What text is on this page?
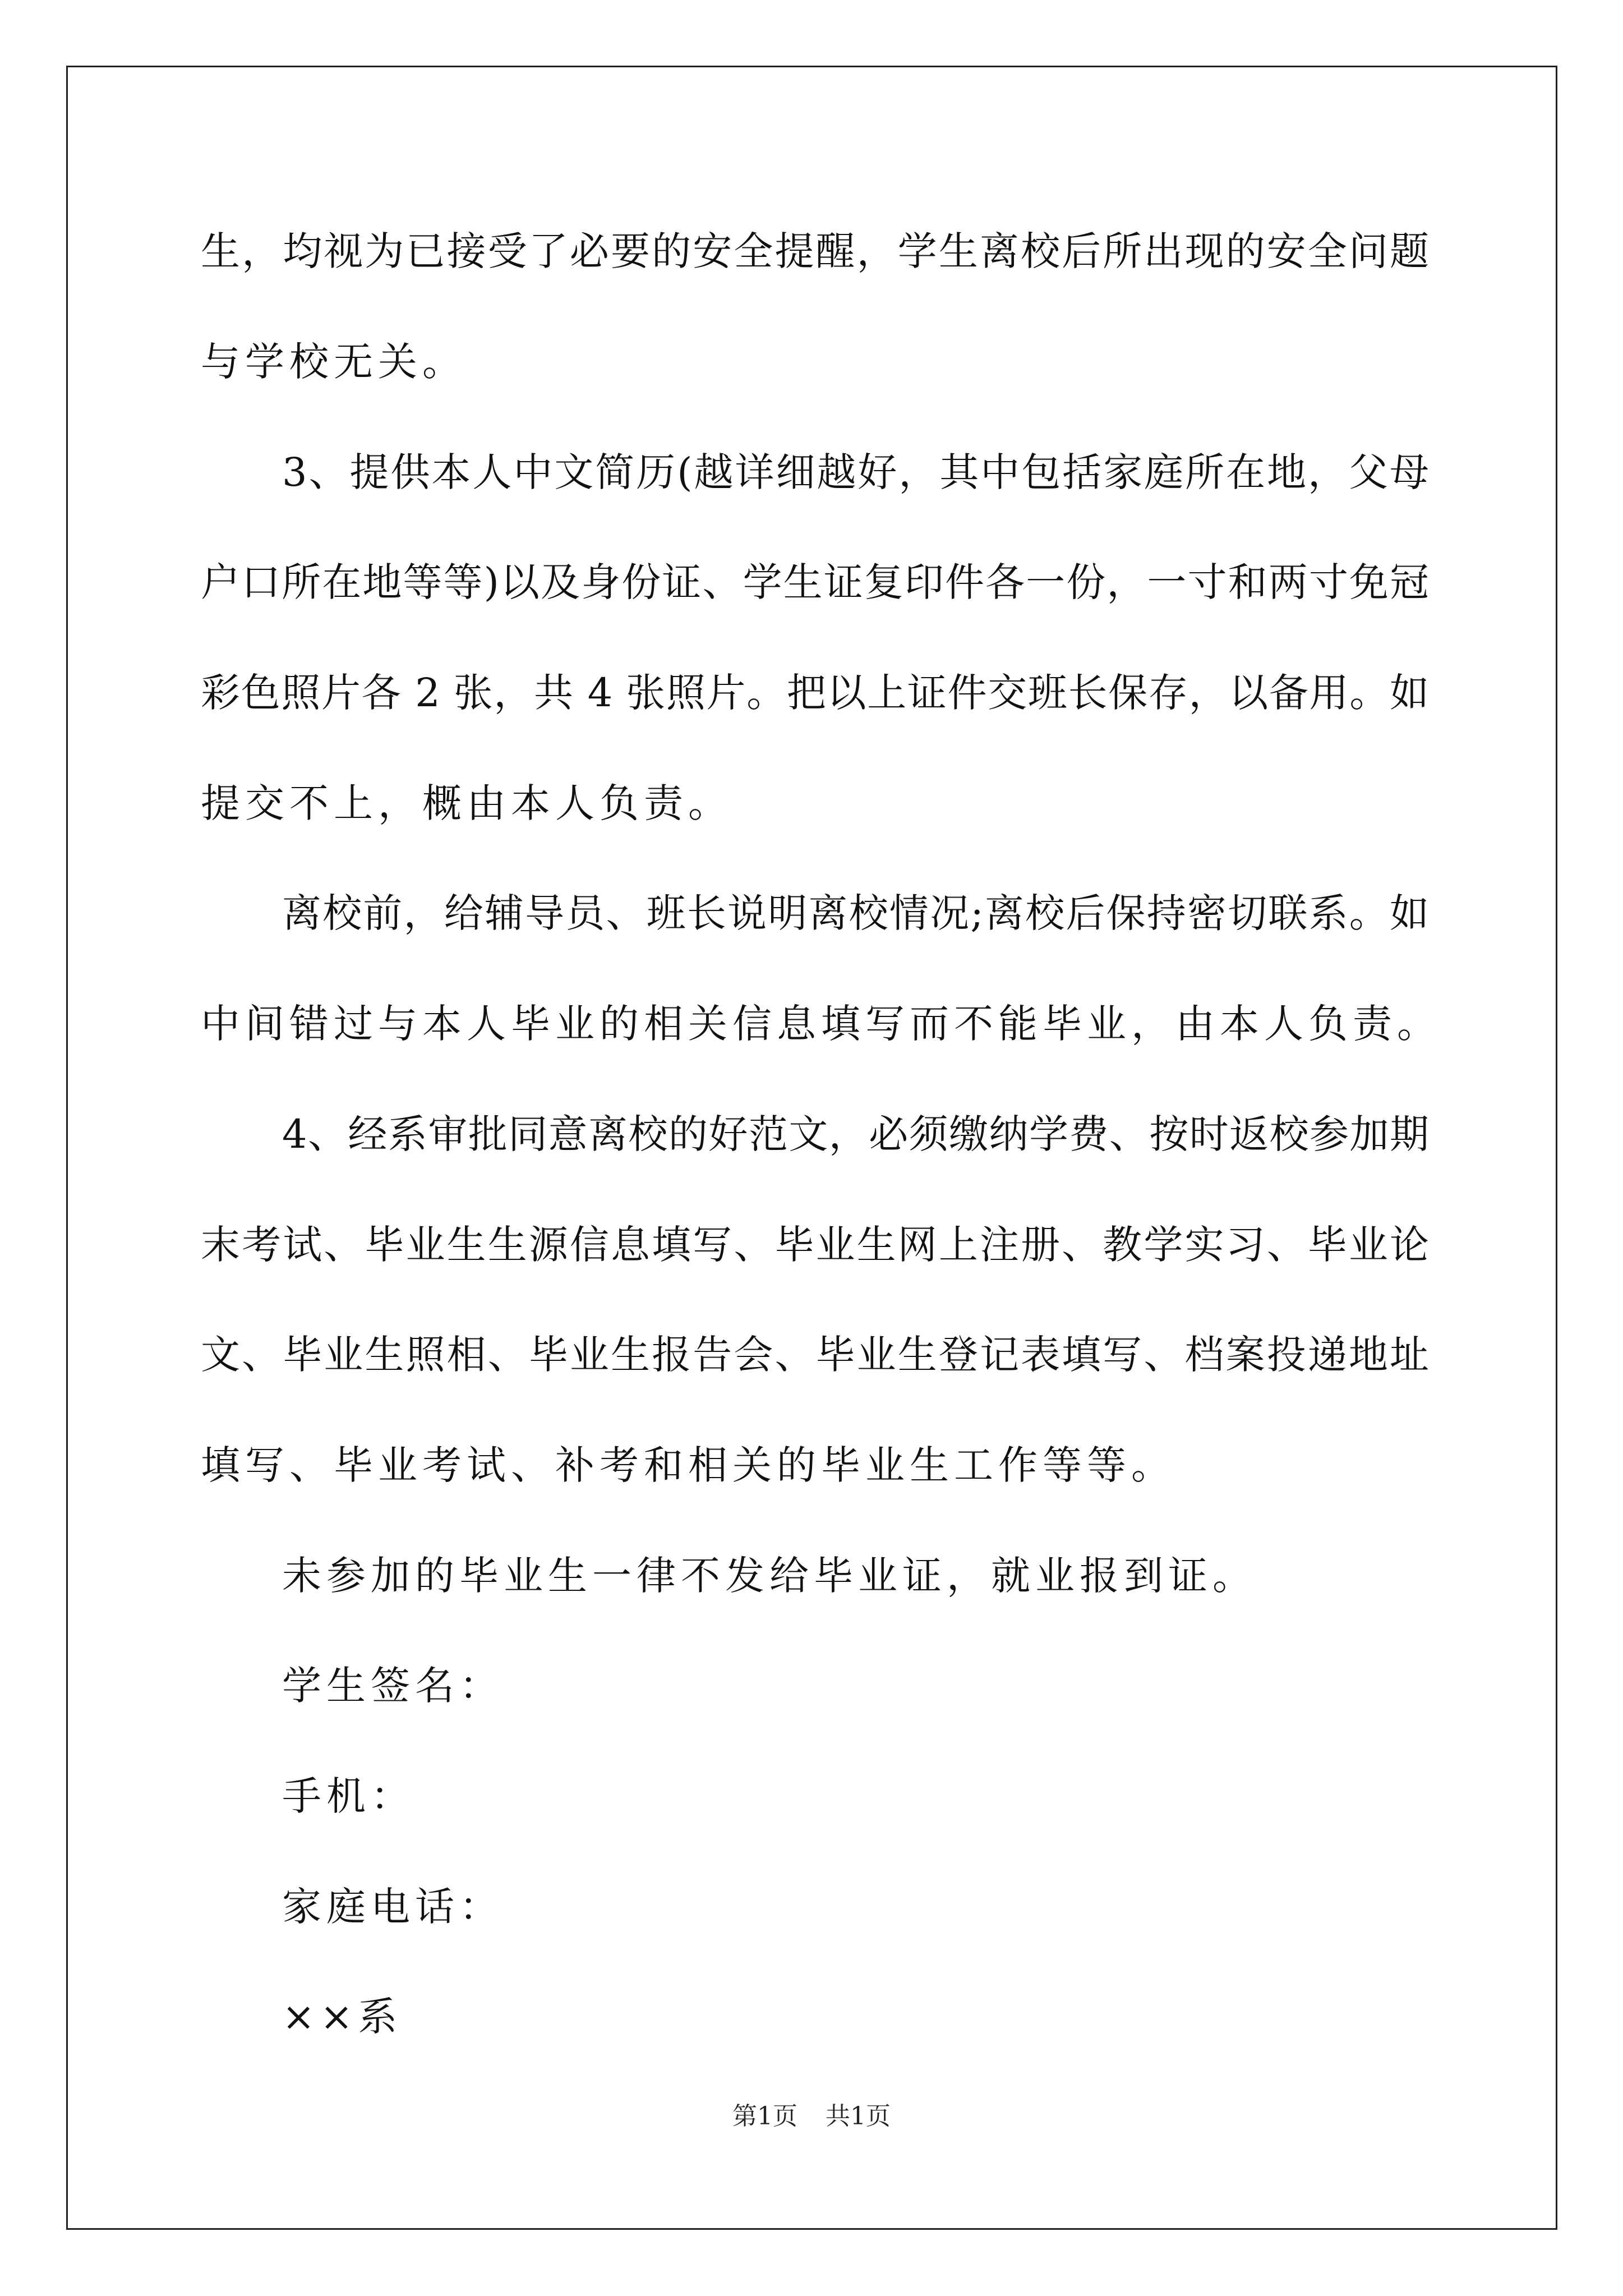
生，均视为已接受了必要的安全提醒，学生离校后所出现的安全问题
与学校无关。
3、提供本人中文简历(越详细越好，其中包括家庭所在地，父母
户口所在地等等)以及身份证、学生证复印件各一份，一寸和两寸免冠
彩色照片各 2 张，共 4 张照片。把以上证件交班长保存，以备用。如
提交不上，概由本人负责。
离校前，给辅导员、班长说明离校情况;离校后保持密切联系。如
中间错过与本人毕业的相关信息填写而不能毕业，由本人负责。
4、经系审批同意离校的好范文，必须缴纳学费、按时返校参加期
末考试、毕业生生源信息填写、毕业生网上注册、教学实习、毕业论
文、毕业生照相、毕业生报告会、毕业生登记表填写、档案投递地址
填写、毕业考试、补考和相关的毕业生工作等等。
未参加的毕业生一律不发给毕业证，就业报到证。
学生签名：
手机：
家庭电话：
××系
第1页 共1页
